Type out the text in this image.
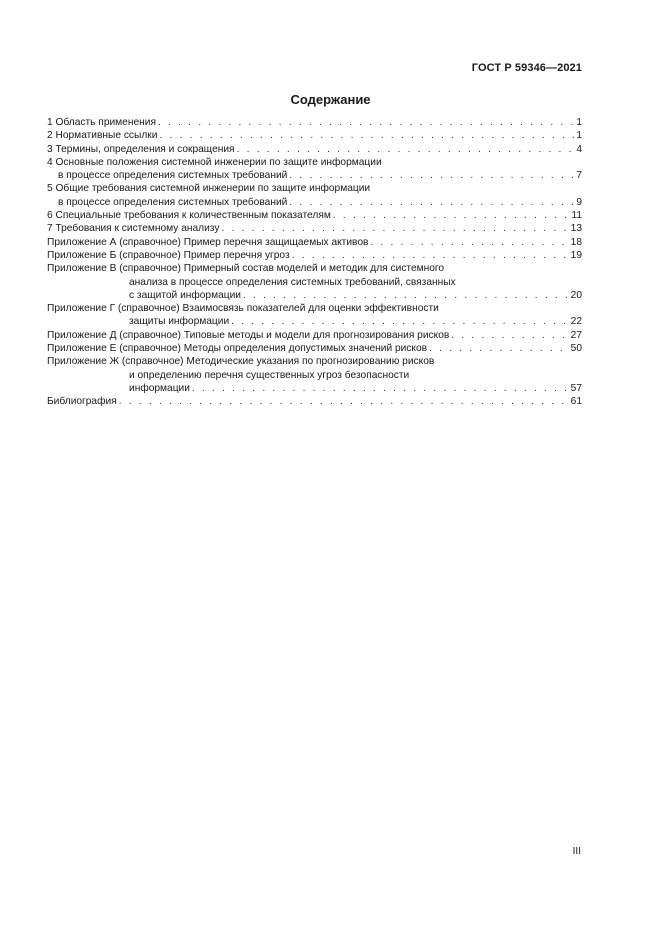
ГОСТ Р 59346—2021
Содержание
1 Область применения . . .	1
2 Нормативные ссылки . . .	1
3 Термины, определения и сокращения . . .	4
4 Основные положения системной инженерии по защите информации
в процессе определения системных требований . . .	7
5 Общие требования системной инженерии по защите информации
в процессе определения системных требований . . .	9
6 Специальные требования к количественным показателям . . .	11
7 Требования к системному анализу . . .	13
Приложение А (справочное) Пример перечня защищаемых активов . . .	18
Приложение Б (справочное) Пример перечня угроз . . .	19
Приложение В (справочное) Примерный состав моделей и методик для системного
анализа в процессе определения системных требований, связанных
с защитой информации . . .	20
Приложение Г (справочное) Взаимосвязь показателей для оценки эффективности
защиты информации . . .	22
Приложение Д (справочное) Типовые методы и модели для прогнозирования рисков . . .	27
Приложение Е (справочное) Методы определения допустимых значений рисков . . .	50
Приложение Ж (справочное) Методические указания по прогнозированию рисков
и определению перечня существенных угроз безопасности
информации . . .	57
Библиография . . .	61
III
